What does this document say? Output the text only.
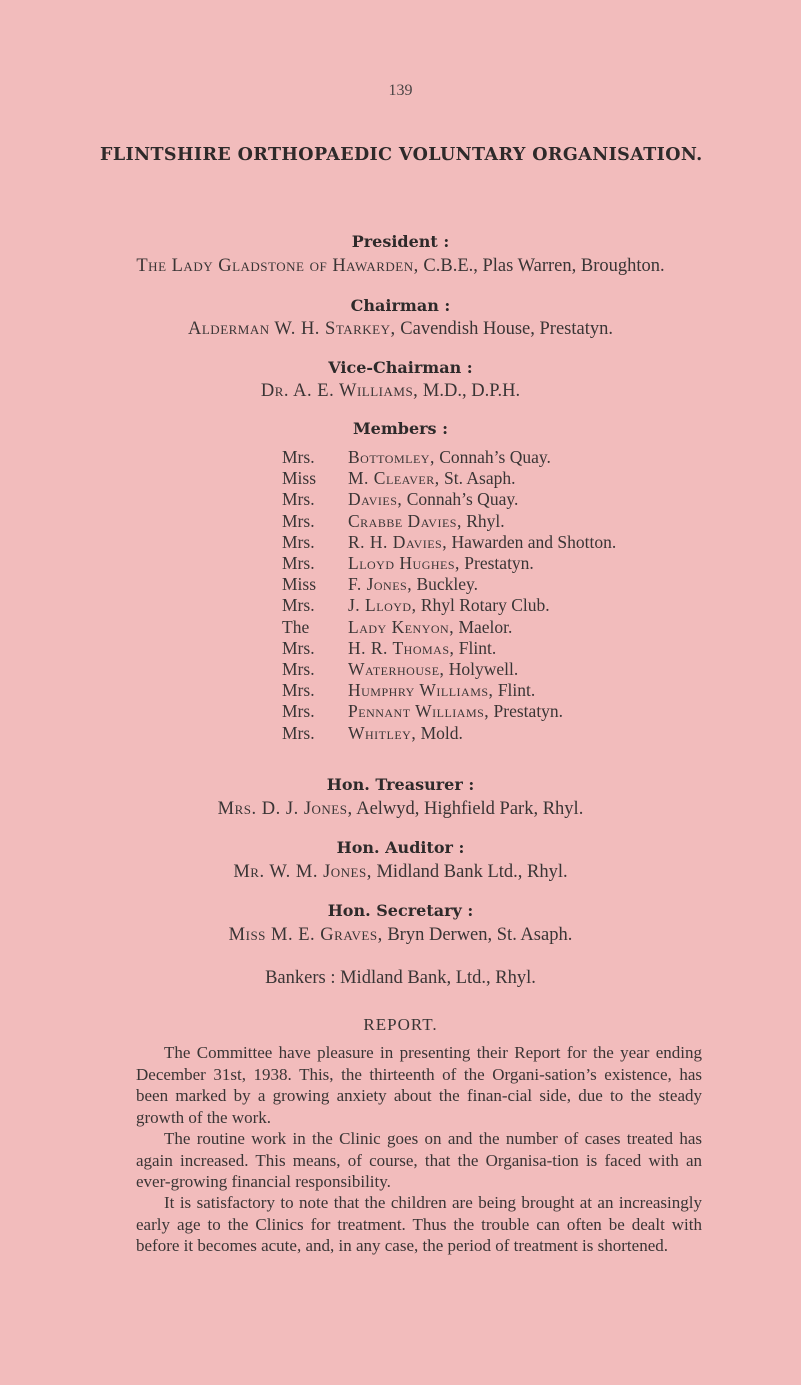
139
FLINTSHIRE ORTHOPAEDIC VOLUNTARY ORGANISATION.
President :
The Lady Gladstone of Hawarden, C.B.E., Plas Warren, Broughton.
Chairman :
Alderman W. H. Starkey, Cavendish House, Prestatyn.
Vice-Chairman :
Dr. A. E. Williams, M.D., D.P.H.
Members :
Mrs. Bottomley, Connah’s Quay.
Miss M. Cleaver, St. Asaph.
Mrs. Davies, Connah’s Quay.
Mrs. Crabbe Davies, Rhyl.
Mrs. R. H. Davies, Hawarden and Shotton.
Mrs. Lloyd Hughes, Prestatyn.
Miss F. Jones, Buckley.
Mrs. J. Lloyd, Rhyl Rotary Club.
The Lady Kenyon, Maelor.
Mrs. H. R. Thomas, Flint.
Mrs. Waterhouse, Holywell.
Mrs. Humphry Williams, Flint.
Mrs. Pennant Williams, Prestatyn.
Mrs. Whitley, Mold.
Hon. Treasurer :
Mrs. D. J. Jones, Aelwyd, Highfield Park, Rhyl.
Hon. Auditor :
Mr. W. M. Jones, Midland Bank Ltd., Rhyl.
Hon. Secretary :
Miss M. E. Graves, Bryn Derwen, St. Asaph.
Bankers : Midland Bank, Ltd., Rhyl.
REPORT.
The Committee have pleasure in presenting their Report for the year ending December 31st, 1938. This, the thirteenth of the Organi-sation’s existence, has been marked by a growing anxiety about the finan-cial side, due to the steady growth of the work.
The routine work in the Clinic goes on and the number of cases treated has again increased. This means, of course, that the Organisa-tion is faced with an ever-growing financial responsibility.
It is satisfactory to note that the children are being brought at an increasingly early age to the Clinics for treatment. Thus the trouble can often be dealt with before it becomes acute, and, in any case, the period of treatment is shortened.
